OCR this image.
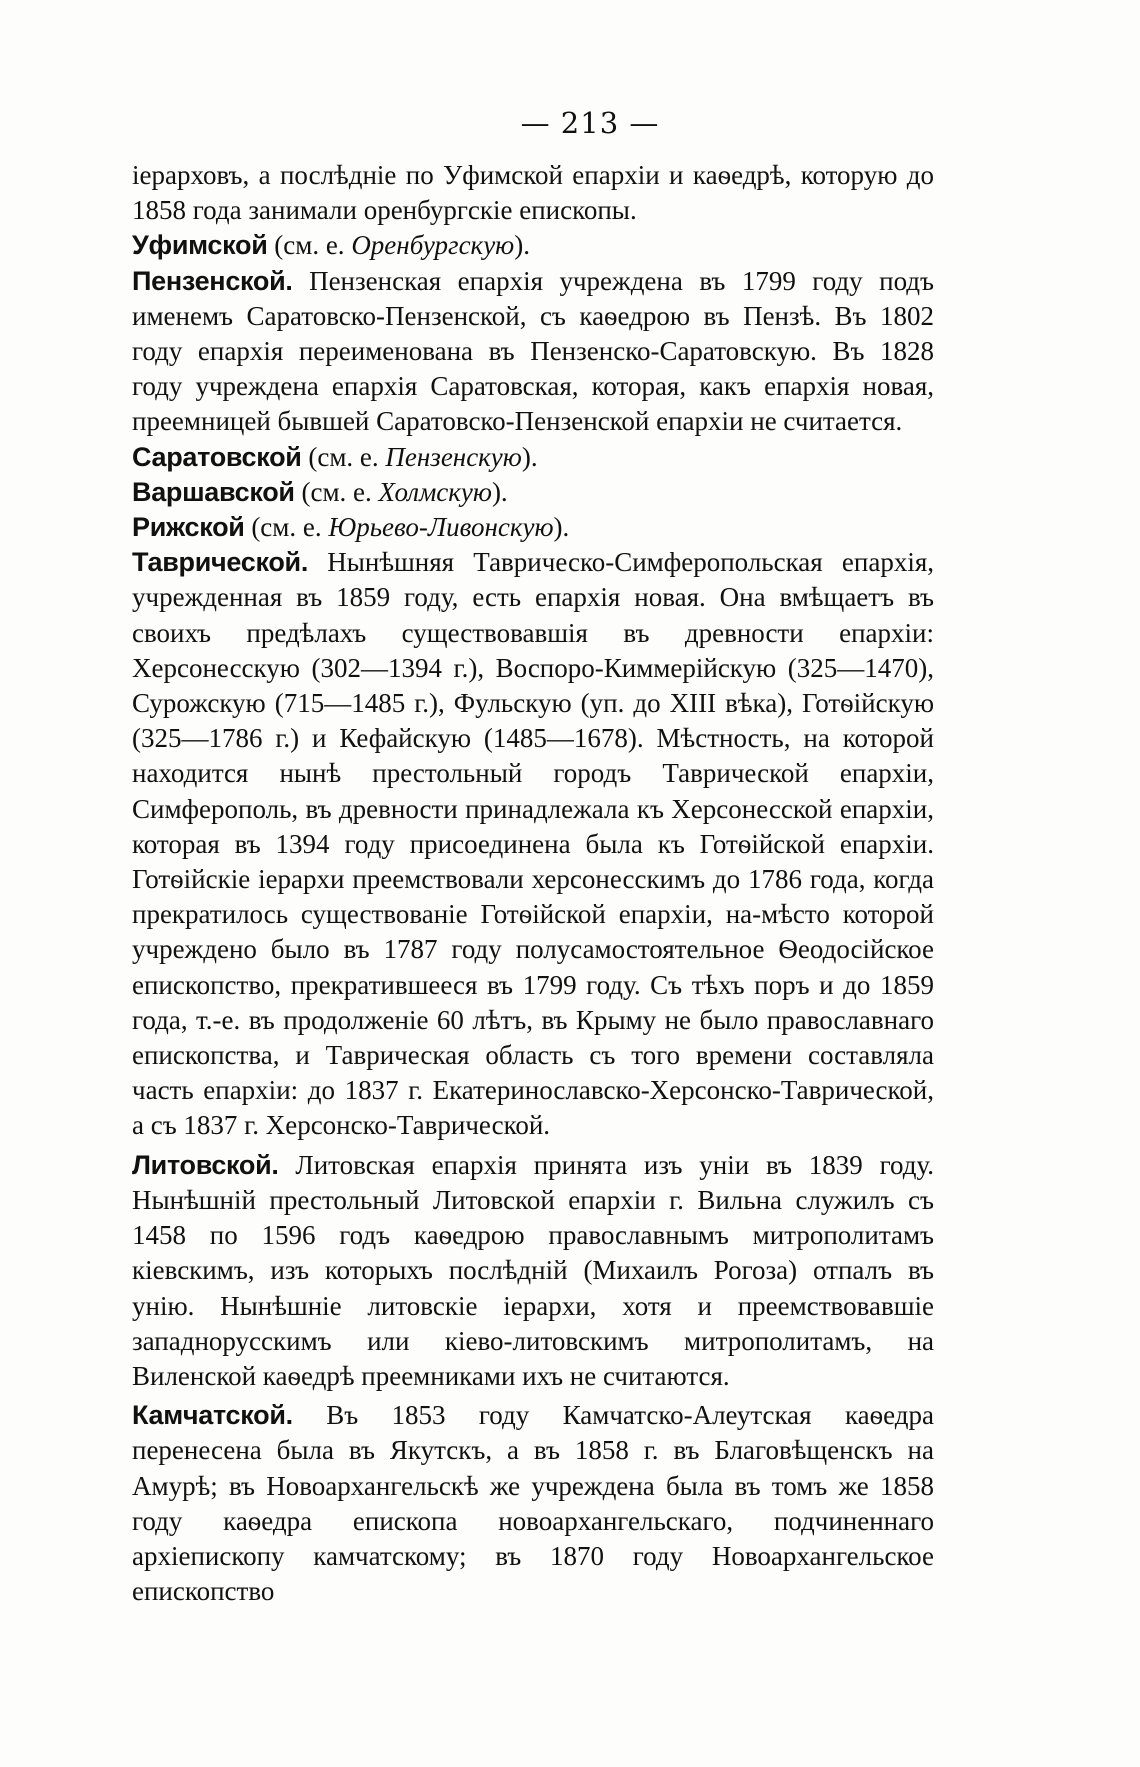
— 213 —

іерарховъ, а послѣдніе по Уфимской епархіи и каѳедрѣ, которую до 1858 года занимали оренбургскіе епископы.

Уфимской (см. е. Оренбургскую).

Пензенской. Пензенская епархія учреждена въ 1799 году подъ именемъ Саратовско-Пензенской, съ каѳедрою въ Пензѣ. Въ 1802 году епархія переименована въ Пензенско-Саратовскую. Въ 1828 году учреждена епархія Саратовская, которая, какъ епархія новая, преемницей бывшей Саратовско-Пензенской епархіи не считается.

Саратовской (см. е. Пензенскую).

Варшавской (см. е. Холмскую).

Рижской (см. е. Юрьево-Ливонскую).

Таврической. Нынѣшняя Таврическо-Симферопольская епархія, учрежденная въ 1859 году, есть епархія новая. Она вмѣщаетъ въ своихъ предѣлахъ существовавшія въ древности епархіи: Херсонесскую (302—1394 г.), Воспоро-Киммерійскую (325—1470), Сурожскую (715—1485 г.), Фульскую (уп. до XIII вѣка), Готѳійскую (325—1786 г.) и Кефайскую (1485—1678). Мѣстность, на которой находится нынѣ престольный городъ Таврической епархіи, Симферополь, въ древности принадлежала къ Херсонесской епархіи, которая въ 1394 году присоединена была къ Готѳійской епархіи. Готѳійскіе іерархи преемствовали херсонесскимъ до 1786 года, когда прекратилось существованіе Готѳійской епархіи, на-мѣсто которой учреждено было въ 1787 году полусамостоятельное Ѳеодосійское епископство, прекратившееся въ 1799 году. Съ тѣхъ поръ и до 1859 года, т.-е. въ продолженіе 60 лѣтъ, въ Крыму не было православнаго епископства, и Таврическая область съ того времени составляла часть епархіи: до 1837 г. Екатеринославско-Херсонско-Таврической, а съ 1837 г. Херсонско-Таврической.

Литовской. Литовская епархія принята изъ уніи въ 1839 году. Нынѣшній престольный Литовской епархіи г. Вильна служилъ съ 1458 по 1596 годъ каѳедрою православнымъ митрополитамъ кіевскимъ, изъ которыхъ послѣдній (Михаилъ Рогоза) отпалъ въ унію. Нынѣшніе литовскіе іерархи, хотя и преемствовавшіе западнорусскимъ или кіево-литовскимъ митрополитамъ, на Виленской каѳедрѣ преемниками ихъ не считаются.

Камчатской. Въ 1853 году Камчатско-Алеутская каѳедра перенесена была въ Якутскъ, а въ 1858 г. въ Благовѣщенскъ на Амурѣ; въ Новоархангельскѣ же учреждена была въ томъ же 1858 году каѳедра епископа новоархангельскаго, подчиненнаго архіепископу камчатскому; въ 1870 году Новоархангельское епископство
